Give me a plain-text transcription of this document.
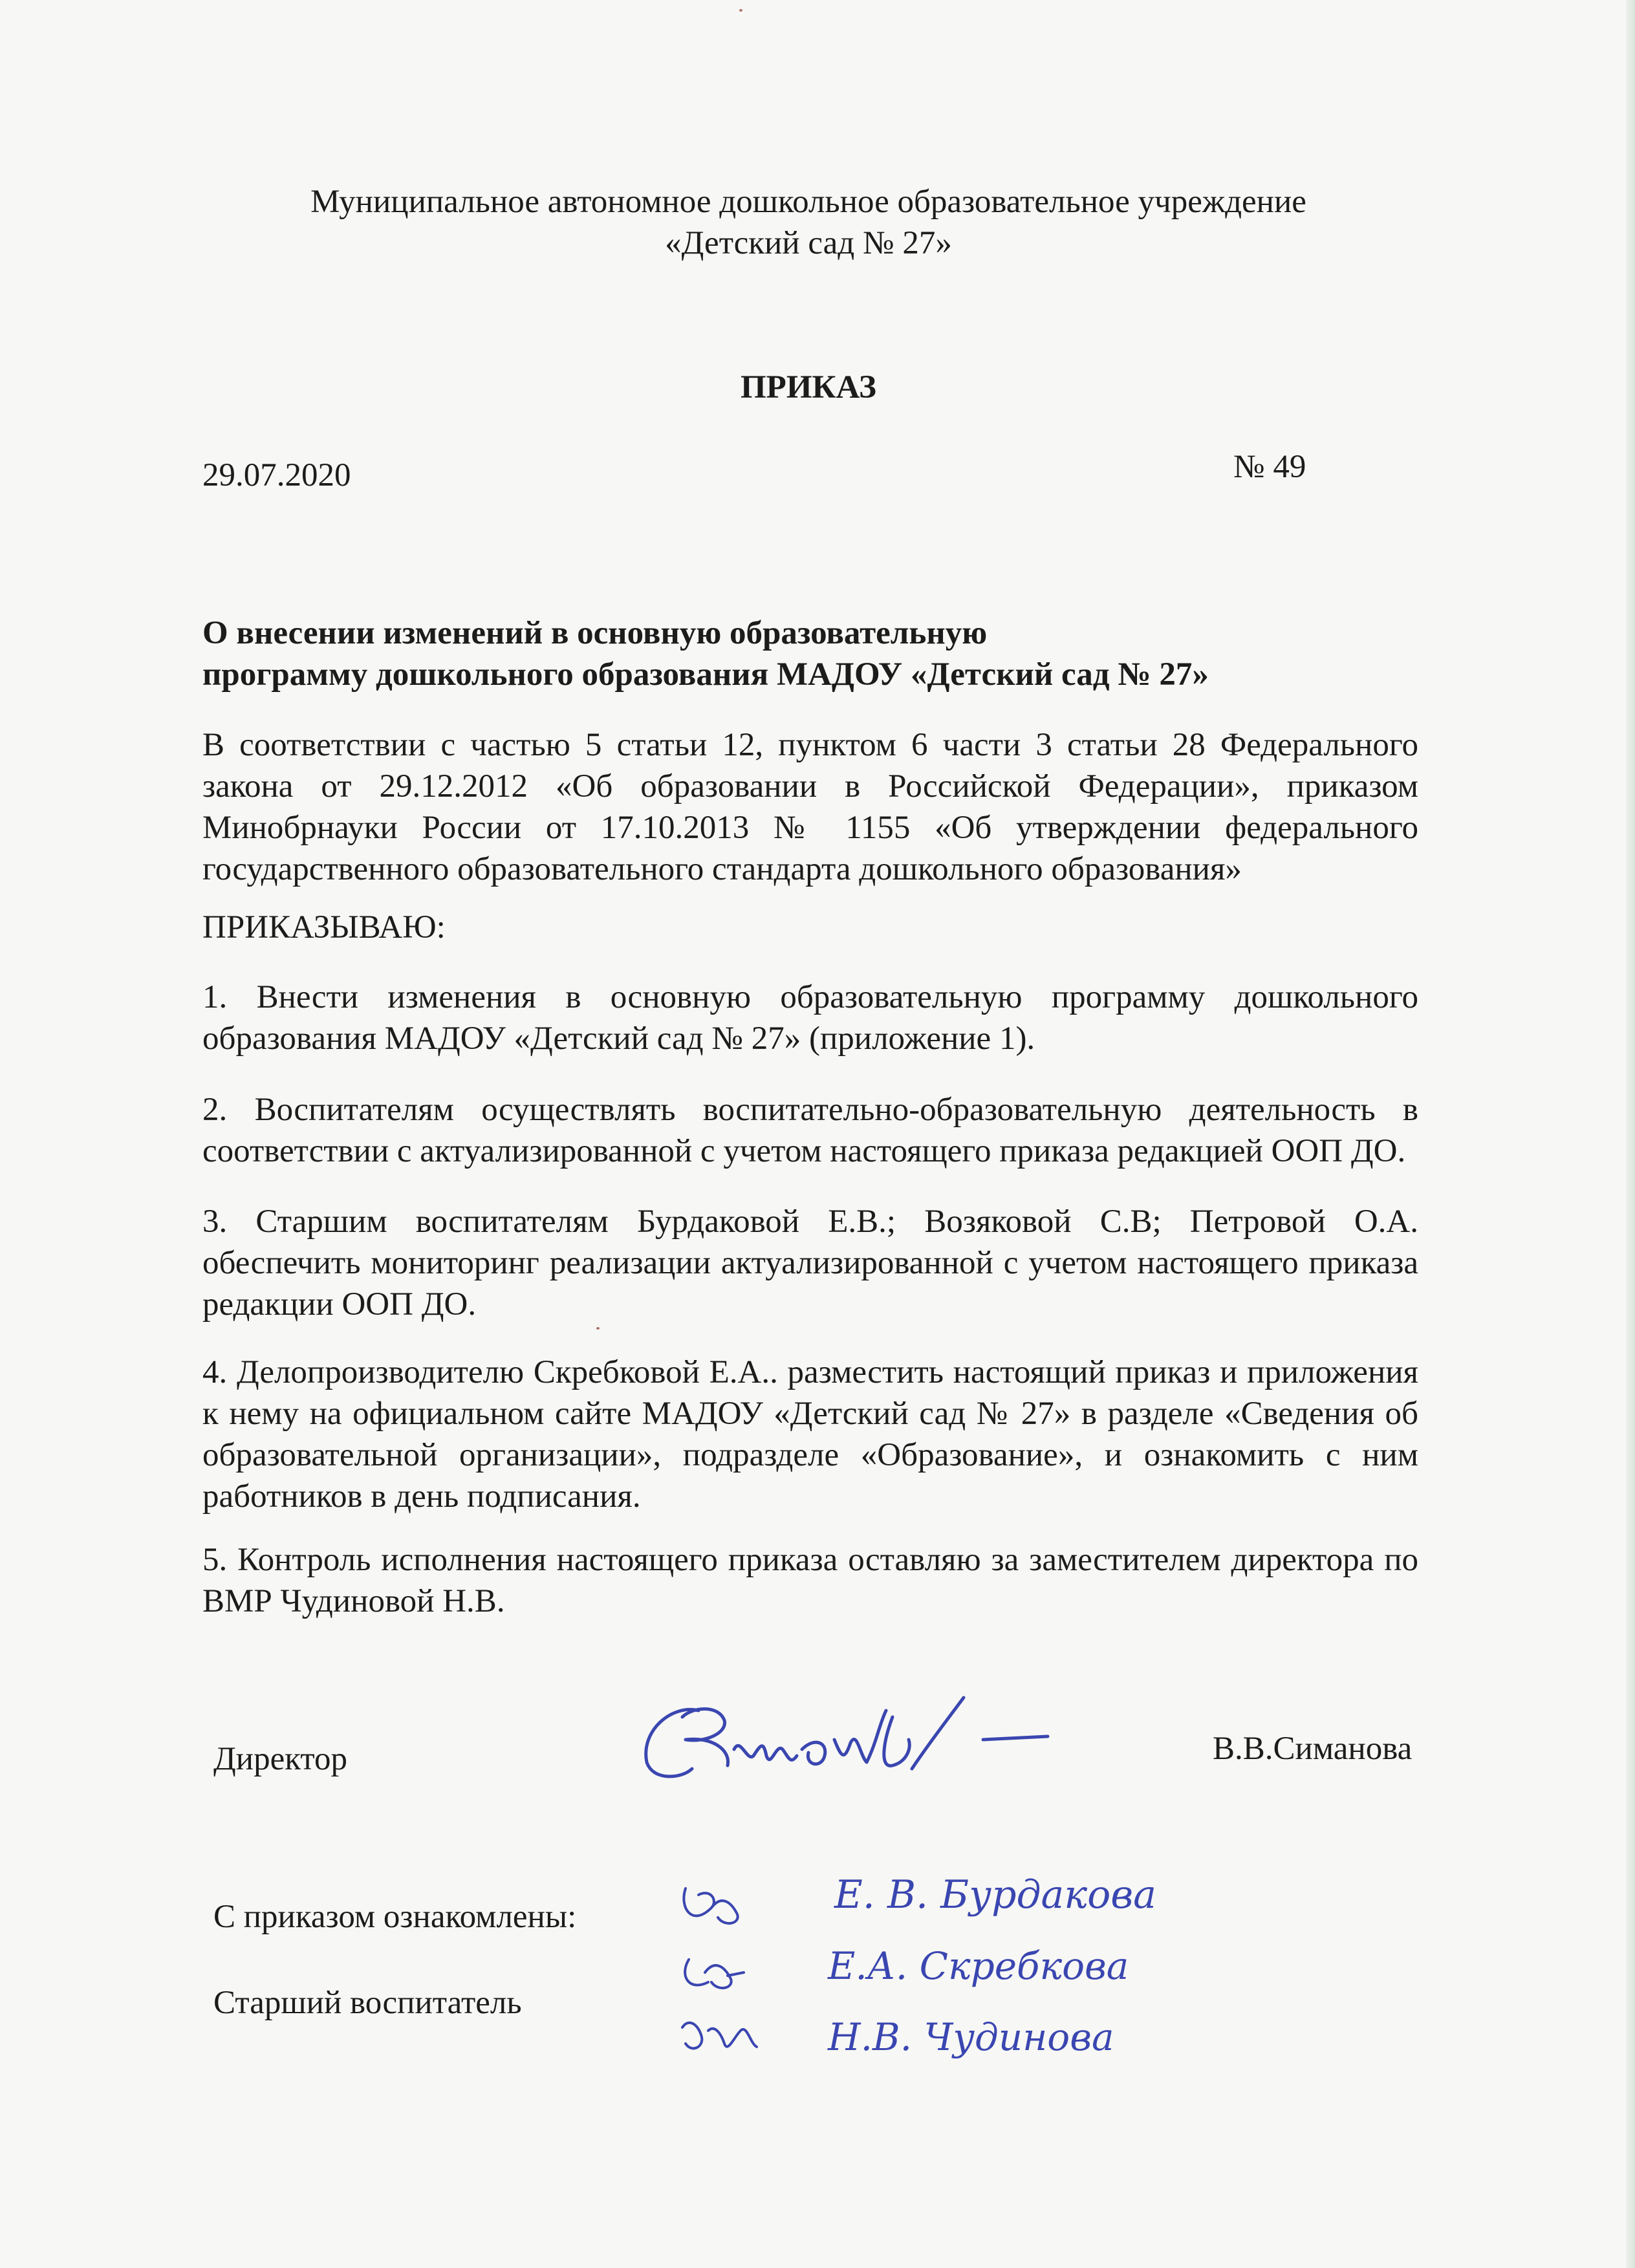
Муниципальное автономное дошкольное образовательное учреждение
«Детский сад № 27»
ПРИКАЗ
29.07.2020	№ 49
О внесении изменений в основную образовательную
программу дошкольного образования МАДОУ «Детский сад № 27»
В соответствии с частью 5 статьи 12, пунктом 6 части 3 статьи 28 Федерального закона от 29.12.2012 «Об образовании в Российской Федерации», приказом Минобрнауки России от 17.10.2013 № 1155 «Об утверждении федерального государственного образовательного стандарта дошкольного образования»
ПРИКАЗЫВАЮ:
1. Внести изменения в основную образовательную программу дошкольного образования МАДОУ «Детский сад № 27» (приложение 1).
2. Воспитателям осуществлять воспитательно-образовательную деятельность в соответствии с актуализированной с учетом настоящего приказа редакцией ООП ДО.
3. Старшим воспитателям Бурдаковой Е.В.; Возяковой С.В; Петровой О.А. обеспечить мониторинг реализации актуализированной с учетом настоящего приказа редакции ООП ДО.
4. Делопроизводителю Скребковой Е.А.. разместить настоящий приказ и приложения к нему на официальном сайте МАДОУ «Детский сад № 27» в разделе «Сведения об образовательной организации», подразделе «Образование», и ознакомить с ним работников в день подписания.
5. Контроль исполнения настоящего приказа оставляю за заместителем директора по ВМР Чудиновой Н.В.
Директор	В.В.Симанова
С приказом ознакомлены:
Старший воспитатель
Е. В. Бурдакова
Е.А. Скребкова
Н.В. Чудинова
